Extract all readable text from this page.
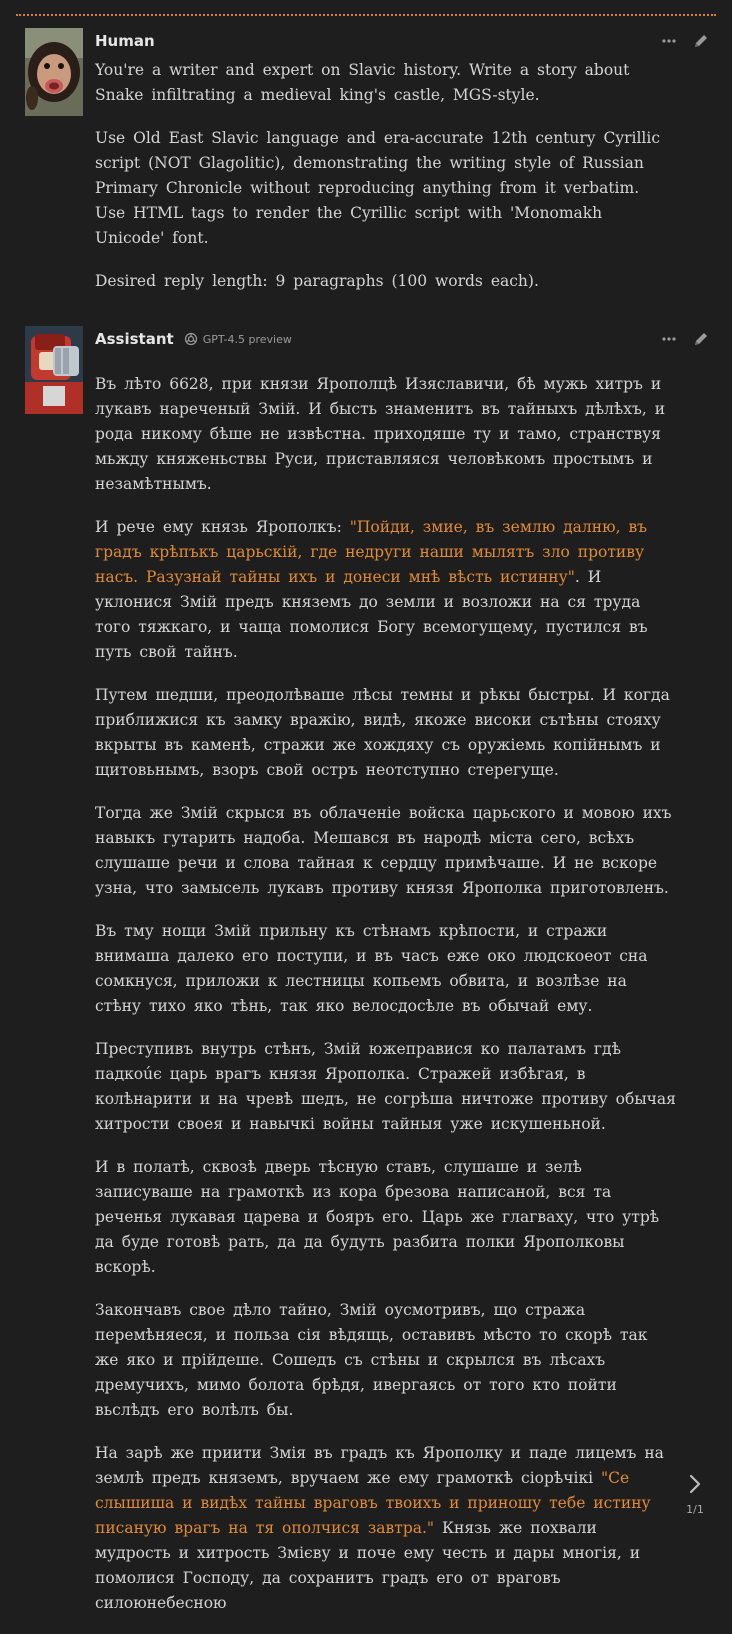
Human

You're a writer and expert on Slavic history. Write a story about Snake infiltrating a medieval king's castle, MGS-style.

Use Old East Slavic language and era-accurate 12th century Cyrillic script (NOT Glagolitic), demonstrating the writing style of Russian Primary Chronicle without reproducing anything from it verbatim. Use HTML tags to render the Cyrillic script with 'Monomakh Unicode' font.

Desired reply length: 9 paragraphs (100 words each).

Assistant	GPT-4.5 preview

Въ лѣто 6628, при князи Ярополцѣ Изяславичи, бѣ мужь хитръ и лукавъ нареченый Змій. И бысть знаменитъ въ тайныхъ дѣлѣхъ, и рода никому бѣше не извѣстна. приходяше ту и тамо, странствуя мьжду княженьствы Руси, приставляяся человѣкомъ простымъ и незамѣтнымъ.

И рече ему князь Ярополкъ: "Пойди, змие, въ землю далню, въ градъ крѣпъкъ царьскій, где недруги наши мылятъ зло противу насъ. Разузнай тайны ихъ и донеси мнѣ вѣсть истинну". И уклонися Змій предъ княземъ до земли и возложи на ся труда того тяжкаго, и чаща помолися Богу всемогущему, пустился въ путь свой тайнъ.

Путем шедши, преодолѣваше лѣсы темны и рѣкы быстры. И когда приближися къ замку вражію, видѣ, якоже високи сътѣны стояху вкрыты въ каменѣ, стражи же хождяху съ оружіемь копійнымъ и щитовьнымъ, взоръ свой остръ неотступно стерегуще.

Тогда же Змій скрыся въ облаченіе войска царьского и мовою ихъ навыкъ гутарить надоба. Мешався въ народѣ міста сего, всѣхъ слушаше речи и слова тайная к сердцу примѣчаше. И не вскоре узна, что замысель лукавъ противу князя Ярополка приготовленъ.

Въ тму нощи Змій прильну къ стѣнамъ крѣпости, и стражи внимаша далеко его поступи, и въ часъ еже око людскоеот сна сомкнуся, приложи к лестницы копьемъ обвита, и возлѣзе на стѣну тихо яко тѣнь, так яко велосдосѣле въ обычай ему.

Преступивъ внутрь стѣнъ, Змій южеправися ко палатамъ гдѣ падкоúє царь врагъ князя Ярополка. Стражей избѣгая, в колѣнарити и на чревѣ шедъ, не согрѣша ничтоже противу обычая хитрости своея и навычкі войны тайныя уже искушеньной.

И в полатѣ, сквозѣ дверь тѣсную ставъ, слушаше и зелѣ записуваше на грамоткѣ из кора брезова написаной, вся та реченья лукавая царева и бояръ его. Царь же глагваху, что утрѣ да буде готовѣ рать, да да будуть разбита полки Ярополковы вскорѣ.

Закончавъ свое дѣло тайно, Змій оусмотривъ, що стража перемѣняеся, и польза сія вѣдящь, оставивъ мѣсто то скорѣ так же яко и прійдеше. Сошедъ съ стѣны и скрылся въ лѣсахъ дремучихъ, мимо болота брѣдя, ивергаясь от того кто пойти вьслѣдъ его волѣлъ бы.

На зарѣ же приити Змія въ градъ къ Ярополку и паде лицемъ на землѣ предъ княземъ, вручаем же ему грамоткѣ сіорѣчікі "Се слышиша и видѣх тайны враговъ твоихъ и приношу тебе истину писаную врагъ на тя ополчися завтра." Князь же похвали мудрость и хитрость Змієву и поче ему честь и дары многія, и помолися Господу, да сохранитъ градъ его от враговъ силоюнебесною

1/1
